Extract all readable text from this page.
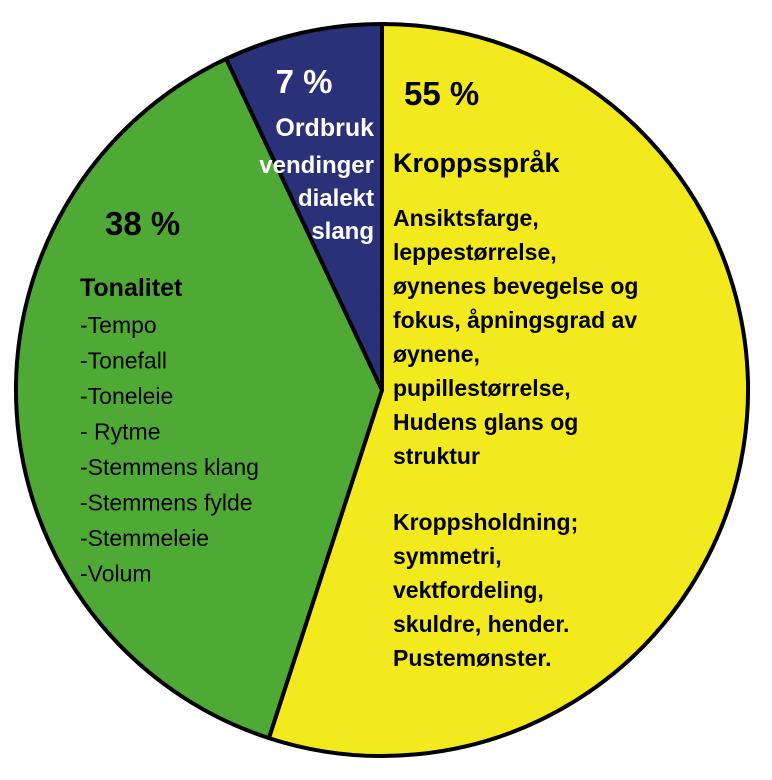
55 %
Kroppsspråk
Ansiktsfarge, leppestørrelse, øynenes bevegelse og fokus, åpningsgrad av øynene, pupillestørrelse, Hudens glans og struktur
Kroppsholdning; symmetri, vektfordeling, skuldre, hender. Pustemønster.
38 %
Tonalitet
-Tempo -Tonefall -Toneleie - Rytme -Stemmens klang -Stemmens fylde -Stemmeleie -Volum
7 %
Ordbruk
vendinger dialekt slang
